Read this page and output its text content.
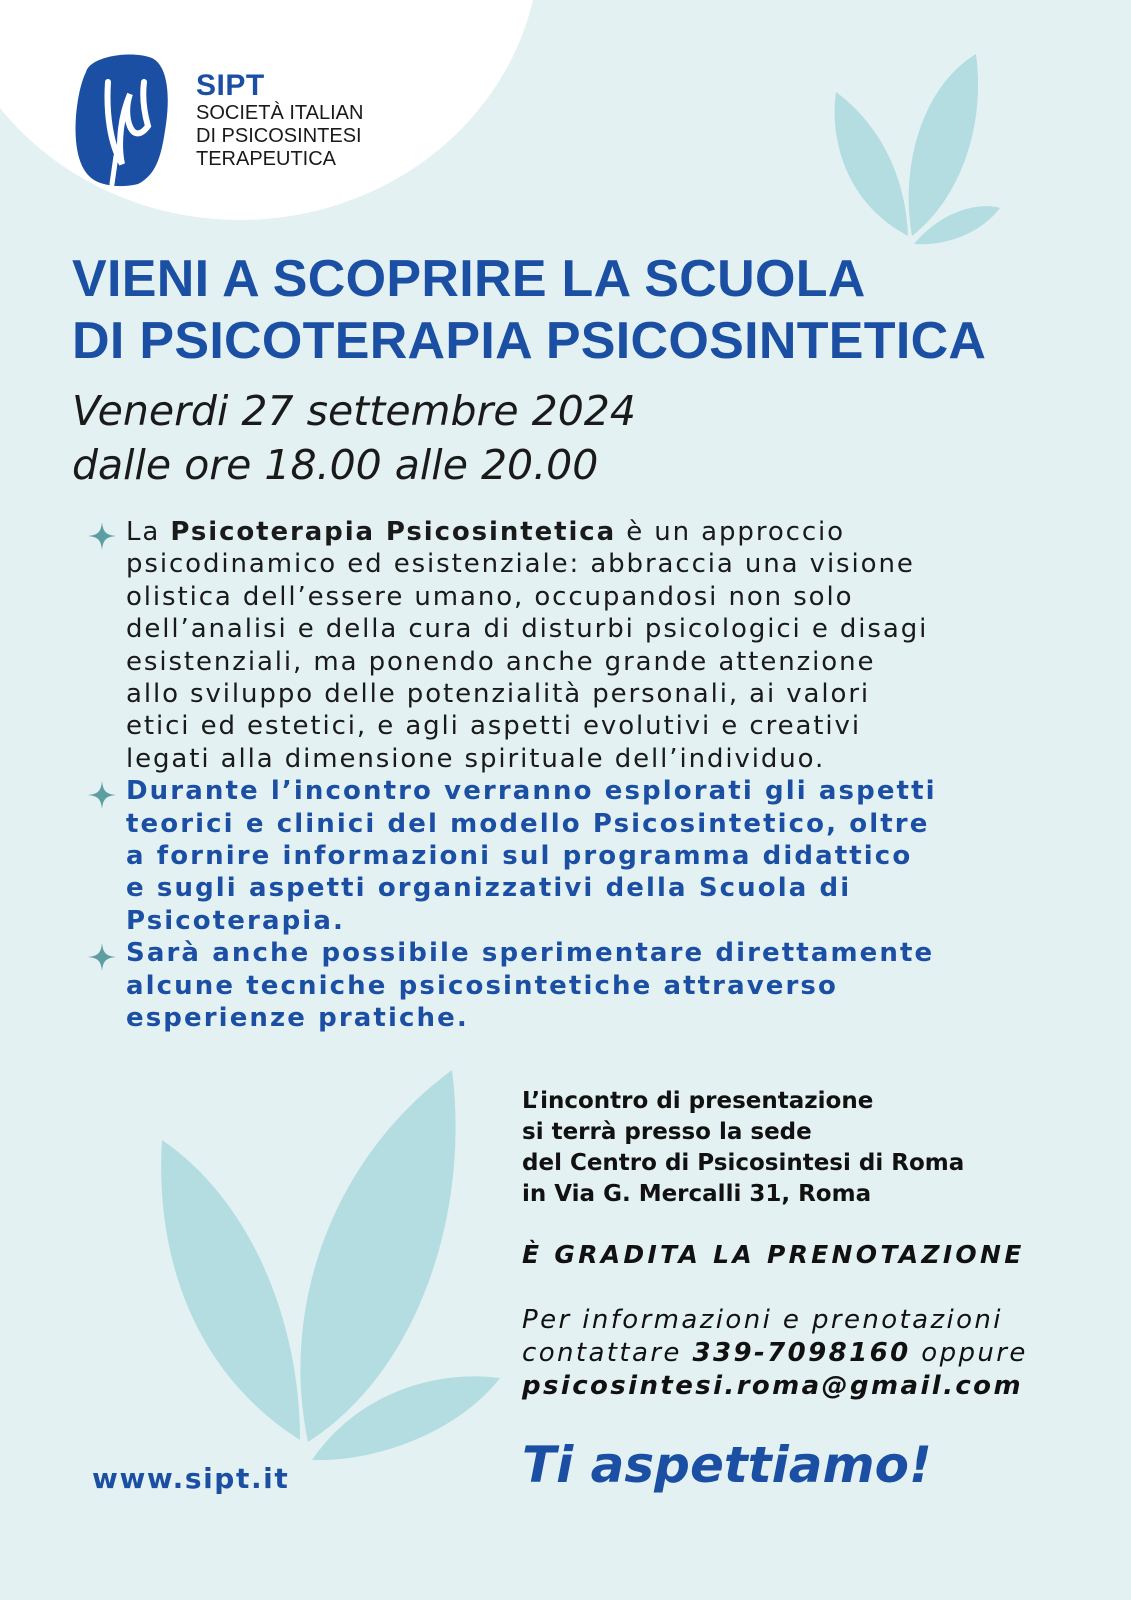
SIPT
SOCIETÀ ITALIAN
DI PSICOSINTESI
TERAPEUTICA
VIENI A SCOPRIRE LA SCUOLA
DI PSICOTERAPIA PSICOSINTETICA
Venerdi 27 settembre 2024
dalle ore 18.00 alle 20.00
La Psicoterapia Psicosintetica è un approccio
psicodinamico ed esistenziale: abbraccia una visione
olistica dell’essere umano, occupandosi non solo
dell’analisi e della cura di disturbi psicologici e disagi
esistenziali, ma ponendo anche grande attenzione
allo sviluppo delle potenzialità personali, ai valori
etici ed estetici, e agli aspetti evolutivi e creativi
legati alla dimensione spirituale dell’individuo.
Durante l’incontro verranno esplorati gli aspetti
teorici e clinici del modello Psicosintetico, oltre
a fornire informazioni sul programma didattico
e sugli aspetti organizzativi della Scuola di
Psicoterapia.
Sarà anche possibile sperimentare direttamente
alcune tecniche psicosintetiche attraverso
esperienze pratiche.
L’incontro di presentazione
si terrà presso la sede
del Centro di Psicosintesi di Roma
in Via G. Mercalli 31, Roma
È GRADITA LA PRENOTAZIONE
Per informazioni e prenotazioni
contattare 339-7098160 oppure
psicosintesi.roma@gmail.com
Ti aspettiamo!
www.sipt.it
